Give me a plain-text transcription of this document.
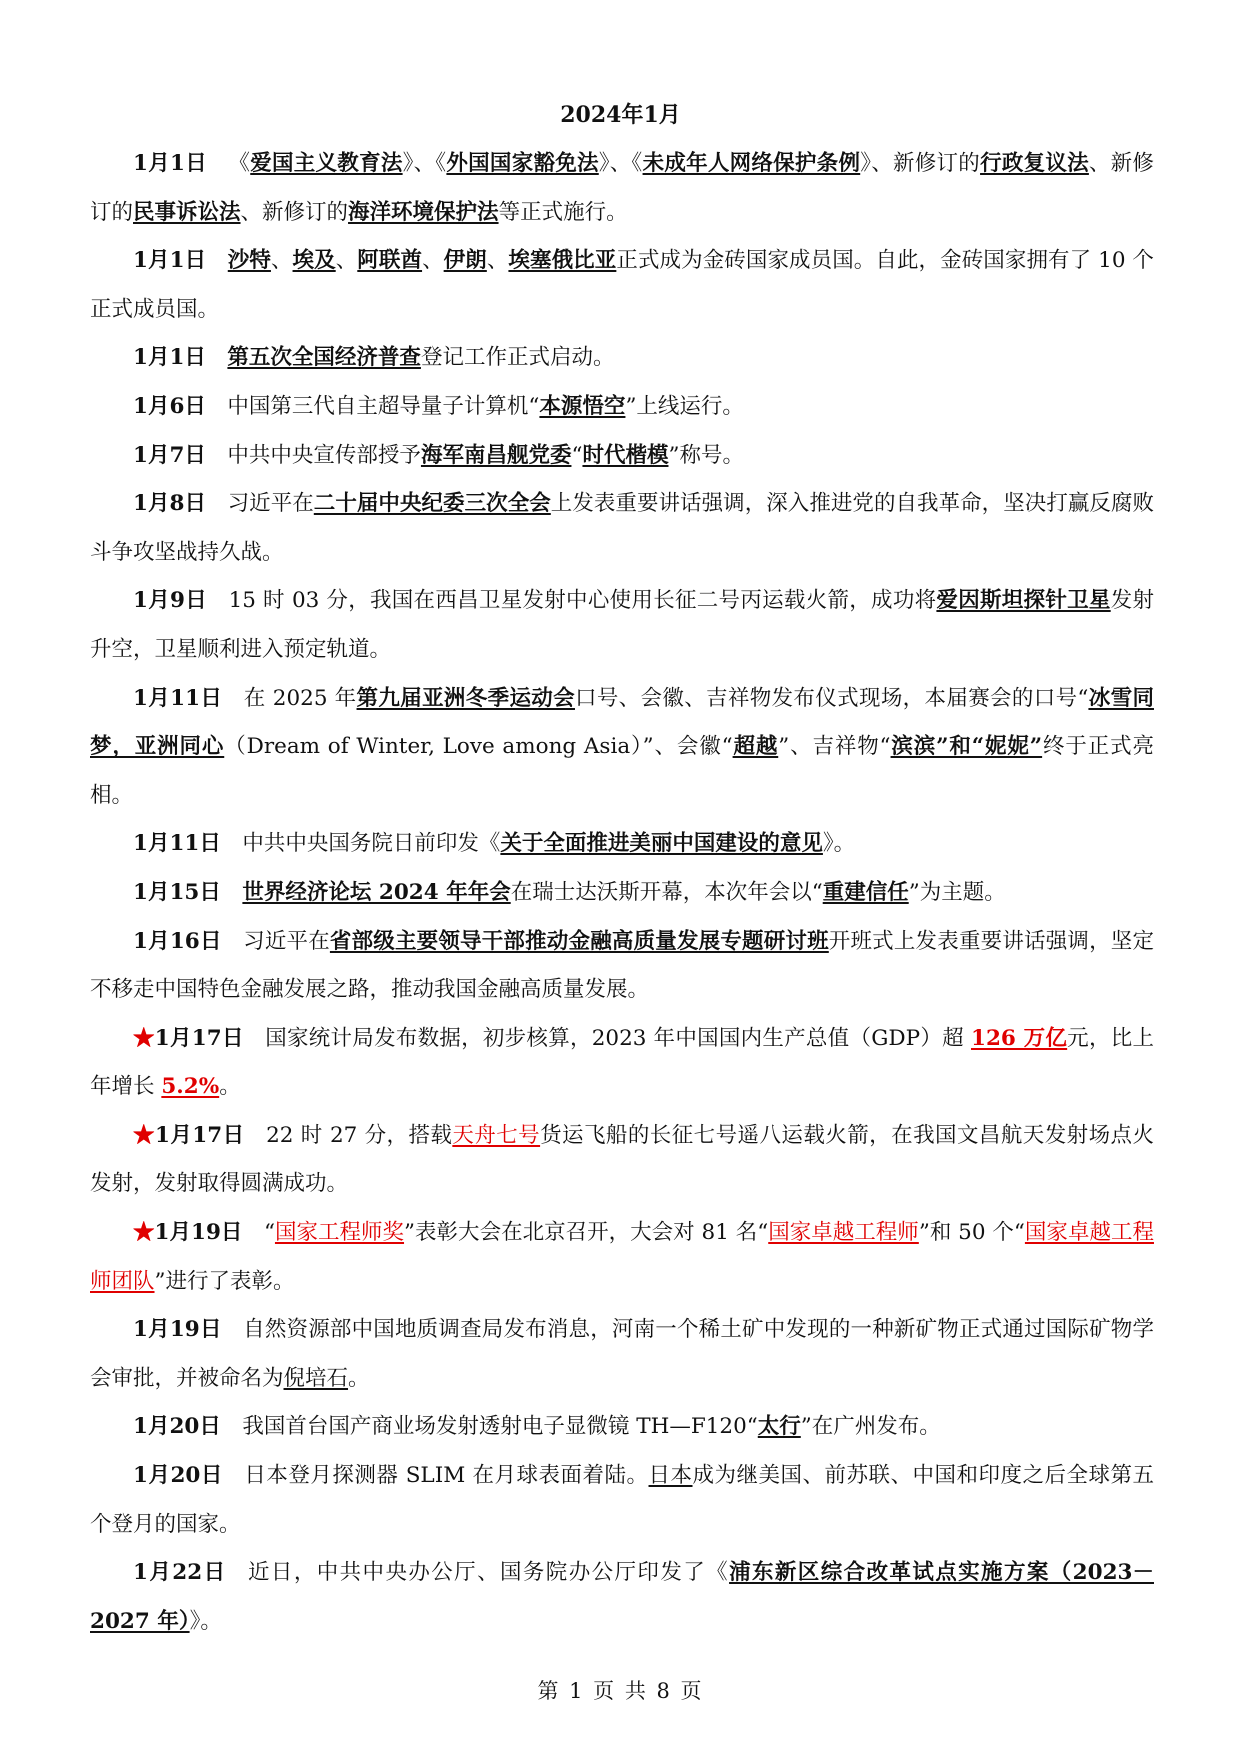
2024年1月

1月1日 《爱国主义教育法》、《外国国家豁免法》、《未成年人网络保护条例》、新修订的行政复议法、新修订的民事诉讼法、新修订的海洋环境保护法等正式施行。

1月1日 沙特、埃及、阿联酋、伊朗、埃塞俄比亚正式成为金砖国家成员国。自此，金砖国家拥有了 10 个正式成员国。

1月1日 第五次全国经济普查登记工作正式启动。

1月6日 中国第三代自主超导量子计算机“本源悟空”上线运行。

1月7日 中共中央宣传部授予海军南昌舰党委“时代楷模”称号。

1月8日 习近平在二十届中央纪委三次全会上发表重要讲话强调，深入推进党的自我革命，坚决打赢反腐败斗争攻坚战持久战。

1月9日 15 时 03 分，我国在西昌卫星发射中心使用长征二号丙运载火箭，成功将爱因斯坦探针卫星发射升空，卫星顺利进入预定轨道。

1月11日 在 2025 年第九届亚洲冬季运动会口号、会徽、吉祥物发布仪式现场，本届赛会的口号“冰雪同梦，亚洲同心（Dream of Winter, Love among Asia）”、会徽“超越”、吉祥物“滨滨”和“妮妮”终于正式亮相。

1月11日 中共中央国务院日前印发《关于全面推进美丽中国建设的意见》。

1月15日 世界经济论坛 2024 年年会在瑞士达沃斯开幕，本次年会以“重建信任”为主题。

1月16日 习近平在省部级主要领导干部推动金融高质量发展专题研讨班开班式上发表重要讲话强调，坚定不移走中国特色金融发展之路，推动我国金融高质量发展。

★1月17日 国家统计局发布数据，初步核算，2023 年中国国内生产总值（GDP）超 126 万亿元，比上年增长 5.2%。

★1月17日 22 时 27 分，搭载天舟七号货运飞船的长征七号遥八运载火箭，在我国文昌航天发射场点火发射，发射取得圆满成功。

★1月19日 “国家工程师奖”表彰大会在北京召开，大会对 81 名“国家卓越工程师”和 50 个“国家卓越工程师团队”进行了表彰。

1月19日 自然资源部中国地质调查局发布消息，河南一个稀土矿中发现的一种新矿物正式通过国际矿物学会审批，并被命名为倪培石。

1月20日 我国首台国产商业场发射透射电子显微镜 TH—F120“太行”在广州发布。

1月20日 日本登月探测器 SLIM 在月球表面着陆。日本成为继美国、前苏联、中国和印度之后全球第五个登月的国家。

1月22日 近日，中共中央办公厅、国务院办公厅印发了《浦东新区综合改革试点实施方案（2023－2027 年）》。

第 1 页 共 8 页
